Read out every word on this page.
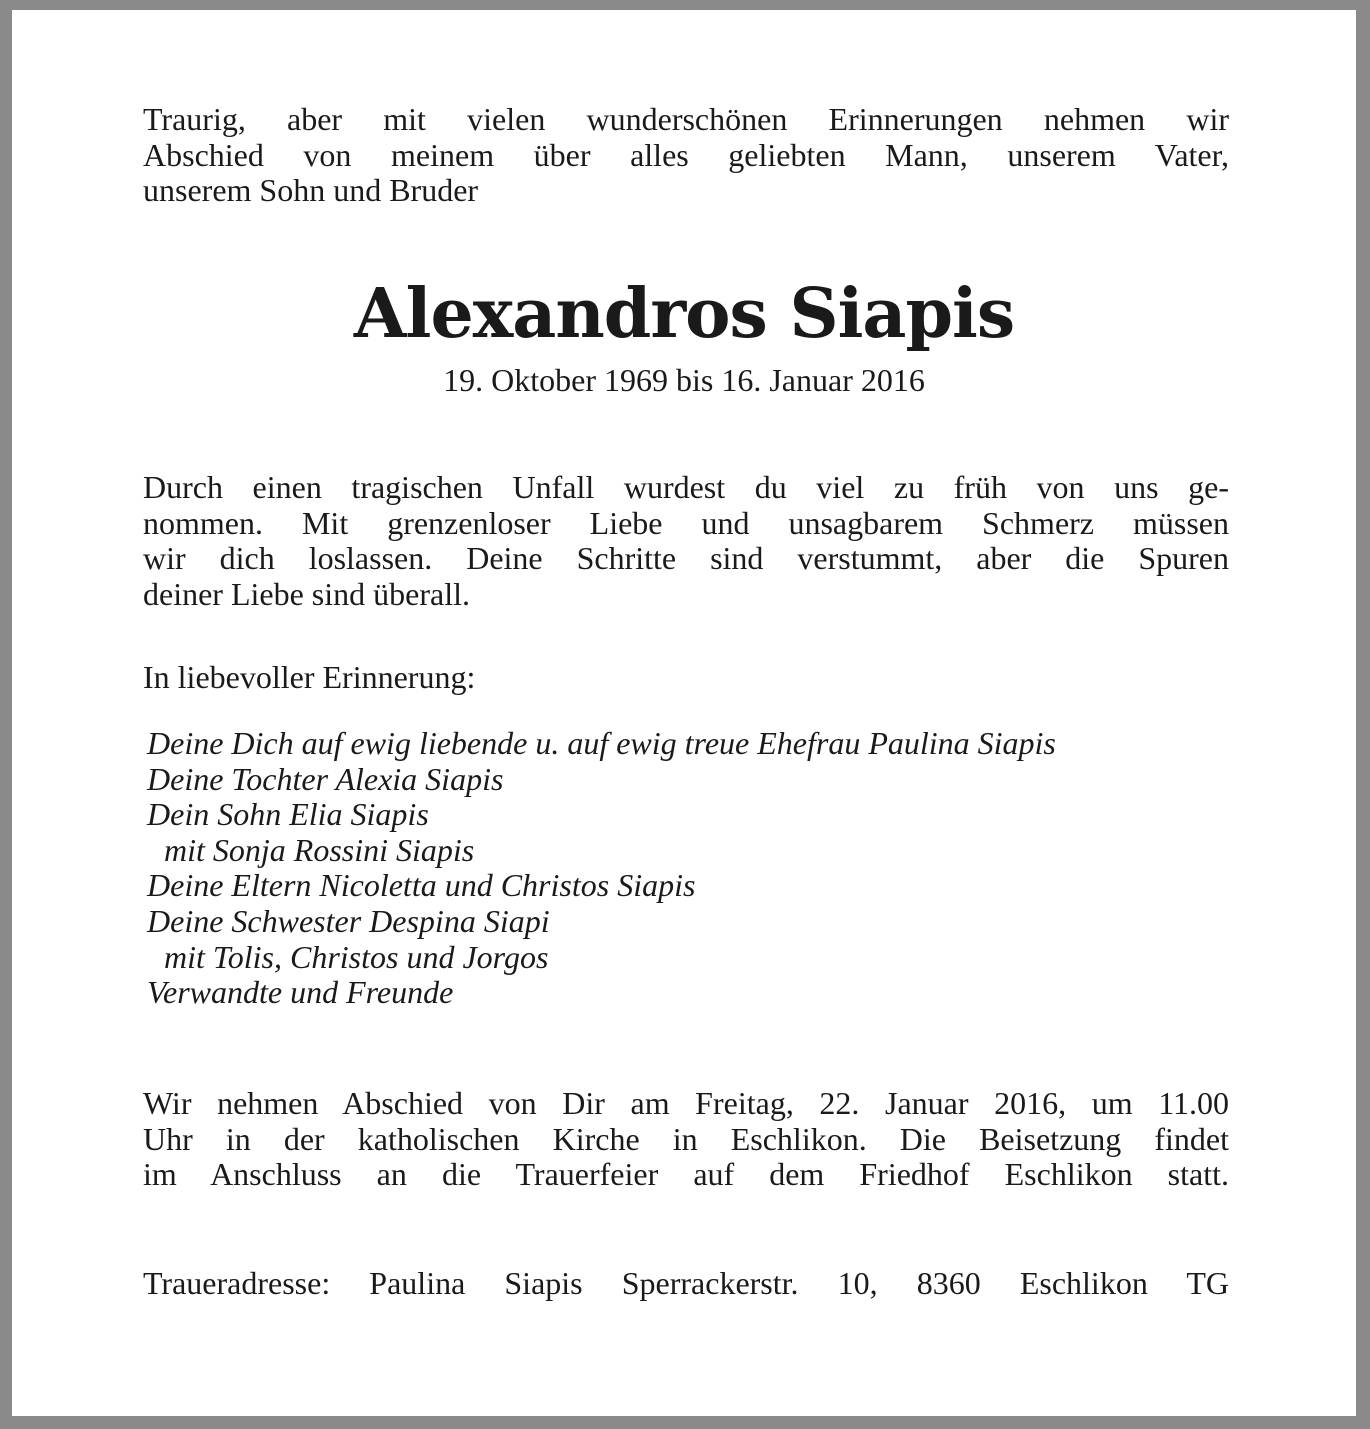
Traurig, aber mit vielen wunderschönen Erinnerungen nehmen wir
Abschied von meinem über alles geliebten Mann, unserem Vater,
unserem Sohn und Bruder
Alexandros Siapis
19. Oktober 1969 bis 16. Januar 2016
Durch einen tragischen Unfall wurdest du viel zu früh von uns ge-
nommen. Mit grenzenloser Liebe und unsagbarem Schmerz müssen
wir dich loslassen. Deine Schritte sind verstummt, aber die Spuren
deiner Liebe sind überall.
In liebevoller Erinnerung:
Deine Dich auf ewig liebende u. auf ewig treue Ehefrau Paulina Siapis
Deine Tochter Alexia Siapis
Dein Sohn Elia Siapis
mit Sonja Rossini Siapis
Deine Eltern Nicoletta und Christos Siapis
Deine Schwester Despina Siapi
mit Tolis, Christos und Jorgos
Verwandte und Freunde
Wir nehmen Abschied von Dir am Freitag, 22. Januar 2016, um 11.00
Uhr in der katholischen Kirche in Eschlikon. Die Beisetzung findet
im Anschluss an die Trauerfeier auf dem Friedhof Eschlikon statt.
Traueradresse: Paulina Siapis Sperrackerstr. 10, 8360 Eschlikon TG
